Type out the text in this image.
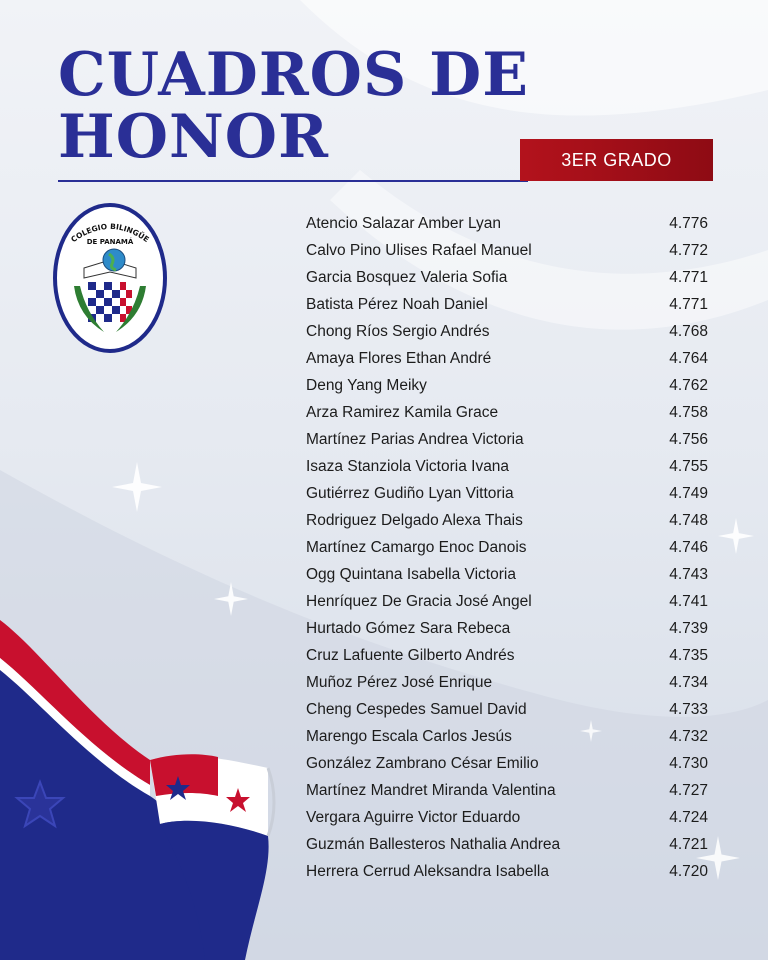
CUADROS DE
HONOR	3ER GRADO
COLEGIO BILINGÜE
DE PANAMÁ
Atencio Salazar Amber Lyan	4.776
Calvo Pino Ulises Rafael Manuel	4.772
Garcia Bosquez Valeria Sofia	4.771
Batista Pérez Noah Daniel	4.771
Chong Ríos Sergio Andrés	4.768
Amaya Flores Ethan André	4.764
Deng Yang Meiky	4.762
Arza Ramirez Kamila Grace	4.758
Martínez Parias Andrea Victoria	4.756
Isaza Stanziola Victoria Ivana	4.755
Gutiérrez Gudiño Lyan Vittoria	4.749
Rodriguez Delgado Alexa Thais	4.748
Martínez Camargo Enoc Danois	4.746
Ogg Quintana Isabella Victoria	4.743
Henríquez De Gracia José Angel	4.741
Hurtado Gómez Sara Rebeca	4.739
Cruz Lafuente Gilberto Andrés	4.735
Muñoz Pérez José Enrique	4.734
Cheng Cespedes Samuel David	4.733
Marengo Escala Carlos Jesús	4.732
González Zambrano César Emilio	4.730
Martínez Mandret Miranda Valentina	4.727
Vergara Aguirre Victor Eduardo	4.724
Guzmán Ballesteros Nathalia Andrea	4.721
Herrera Cerrud Aleksandra Isabella	4.720
